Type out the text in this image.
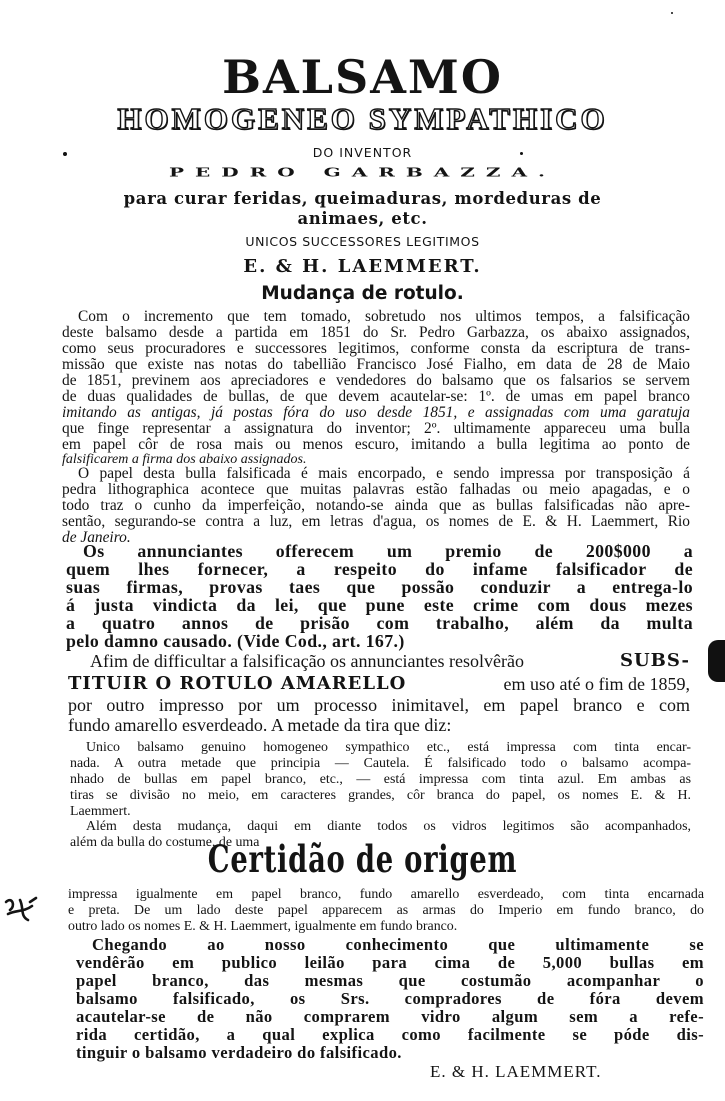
BALSAMO
HOMOGENEO SYMPATHICO
DO INVENTOR
PEDRO GARBAZZA.
para curar feridas, queimaduras, mordeduras de
animaes, etc.
UNICOS SUCCESSORES LEGITIMOS
E. & H. LAEMMERT.
Mudança de rotulo.
Com o incremento que tem tomado, sobretudo nos ultimos tempos, a falsificação
deste balsamo desde a partida em 1851 do Sr. Pedro Garbazza, os abaixo assignados,
como seus procuradores e successores legitimos, conforme consta da escriptura de trans-
missão que existe nas notas do tabellião Francisco José Fialho, em data de 28 de Maio
de 1851, previnem aos apreciadores e vendedores do balsamo que os falsarios se servem
de duas qualidades de bullas, de que devem acautelar-se: 1º. de umas em papel branco
imitando as antigas, já postas fóra do uso desde 1851, e assignadas com uma garatuja
que finge representar a assignatura do inventor; 2º. ultimamente appareceu uma bulla
em papel côr de rosa mais ou menos escuro, imitando a bulla legitima ao ponto de
falsificarem a firma dos abaixo assignados.
O papel desta bulla falsificada é mais encorpado, e sendo impressa por transposição á
pedra lithographica acontece que muitas palavras estão falhadas ou meio apagadas, e o
todo traz o cunho da imperfeição, notando-se ainda que as bullas falsificadas não apre-
sentão, segurando-se contra a luz, em letras d'agua, os nomes de E. & H. Laemmert, Rio
de Janeiro.
Os annunciantes offerecem um premio de 200$000 a
quem lhes fornecer, a respeito do infame falsificador de
suas firmas, provas taes que possão conduzir a entrega-lo
á justa vindicta da lei, que pune este crime com dous mezes
a quatro annos de prisão com trabalho, além da multa
pelo damno causado. (Vide Cod., art. 167.)
Afim de difficultar a falsificação os annunciantes resolvêrão	SUBS-
TITUIR O ROTULO AMARELLO	em uso até o fim de 1859,
por outro impresso por um processo inimitavel, em papel branco e com
fundo amarello esverdeado. A metade da tira que diz:
Unico balsamo genuino homogeneo sympathico etc., está impressa com tinta encar-
nada. A outra metade que principia — Cautela. É falsificado todo o balsamo acompa-
nhado de bullas em papel branco, etc., — está impressa com tinta azul. Em ambas as
tiras se divisão no meio, em caracteres grandes, côr branca do papel, os nomes E. & H.
Laemmert.
Além desta mudança, daqui em diante todos os vidros legitimos são acompanhados,
além da bulla do costume, de uma
Certidão de origem
impressa igualmente em papel branco, fundo amarello esverdeado, com tinta encarnada
e preta. De um lado deste papel apparecem as armas do Imperio em fundo branco, do
outro lado os nomes E. & H. Laemmert, igualmente em fundo branco.
Chegando ao nosso conhecimento que ultimamente se
vendêrão em publico leilão para cima de 5,000 bullas em
papel branco, das mesmas que costumão acompanhar o
balsamo falsificado, os Srs. compradores de fóra devem
acautelar-se de não comprarem vidro algum sem a refe-
rida certidão, a qual explica como facilmente se póde dis-
tinguir o balsamo verdadeiro do falsificado.
E. & H. LAEMMERT.
